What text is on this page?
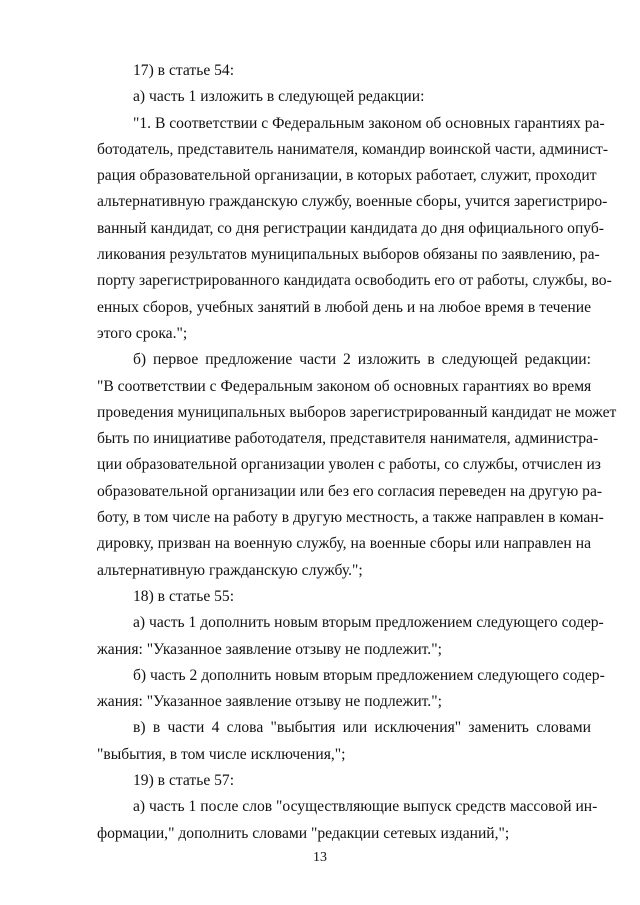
17) в статье 54:
а) часть 1 изложить в следующей редакции:
"1. В соответствии с Федеральным законом об основных гарантиях ра-
ботодатель, представитель нанимателя, командир воинской части, админист-
рация образовательной организации, в которых работает, служит, проходит
альтернативную гражданскую службу, военные сборы, учится зарегистриро-
ванный кандидат, со дня регистрации кандидата до дня официального опуб-
ликования результатов муниципальных выборов обязаны по заявлению, ра-
порту зарегистрированного кандидата освободить его от работы, службы, во-
енных сборов, учебных занятий в любой день и на любое время в течение
этого срока.";
б) первое предложение части 2 изложить в следующей редакции:
"В соответствии с Федеральным законом об основных гарантиях во время
проведения муниципальных выборов зарегистрированный кандидат не может
быть по инициативе работодателя, представителя нанимателя, администра-
ции образовательной организации уволен с работы, со службы, отчислен из
образовательной организации или без его согласия переведен на другую ра-
боту, в том числе на работу в другую местность, а также направлен в коман-
дировку, призван на военную службу, на военные сборы или направлен на
альтернативную гражданскую службу.";
18) в статье 55:
а) часть 1 дополнить новым вторым предложением следующего содер-
жания: "Указанное заявление отзыву не подлежит.";
б) часть 2 дополнить новым вторым предложением следующего содер-
жания: "Указанное заявление отзыву не подлежит.";
в) в части 4 слова "выбытия или исключения" заменить словами
"выбытия, в том числе исключения,";
19) в статье 57:
а) часть 1 после слов "осуществляющие выпуск средств массовой ин-
формации," дополнить словами "редакции сетевых изданий,";
13
